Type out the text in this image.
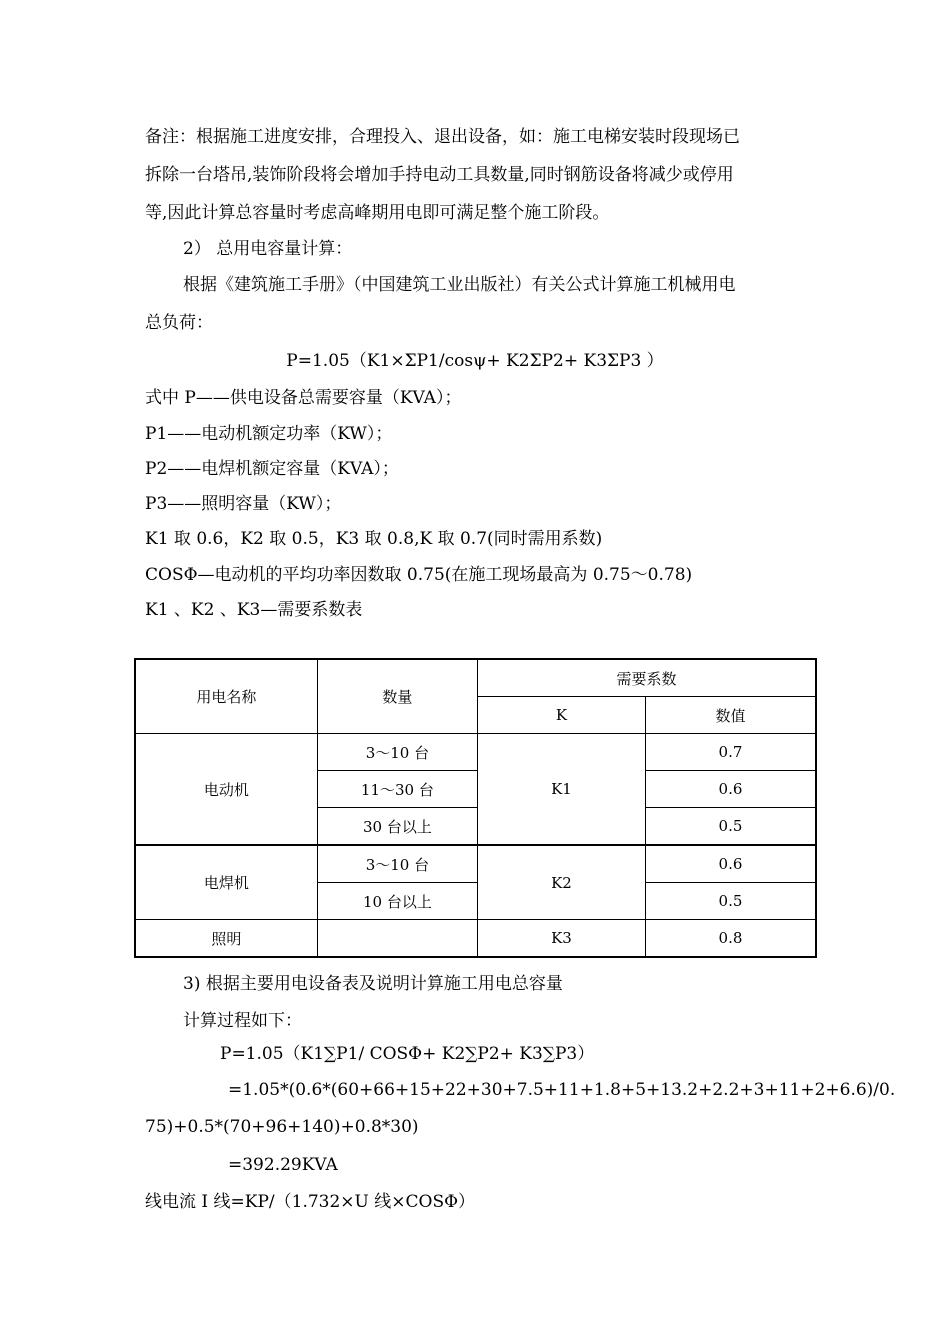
备注：根据施工进度安排，合理投入、退出设备，如：施工电梯安装时段现场已
拆除一台塔吊,装饰阶段将会增加手持电动工具数量,同时钢筋设备将减少或停用
等,因此计算总容量时考虑高峰期用电即可满足整个施工阶段。
2） 总用电容量计算：
根据《建筑施工手册》（中国建筑工业出版社）有关公式计算施工机械用电
总负荷：
P=1.05（K1×ΣP1/cosψ+ K2ΣP2+ K3ΣP3 ）
式中 P——供电设备总需要容量（KVA）；
P1——电动机额定功率（KW）；
P2——电焊机额定容量（KVA）；
P3——照明容量（KW）；
K1 取 0.6，K2 取 0.5，K3 取 0.8,K 取 0.7(同时需用系数)
COSΦ—电动机的平均功率因数取 0.75(在施工现场最高为 0.75～0.78)
K1 、K2 、K3—需要系数表
用电名称	数量	需要系数	
		K	数值
电动机	3～10 台	K1	0.7
	11～30 台		0.6
	30 台以上		0.5
电焊机	3～10 台	K2	0.6
	10 台以上		0.5
照明		K3	0.8
3) 根据主要用电设备表及说明计算施工用电总容量
计算过程如下：
P=1.05（K1∑P1/ COSΦ+ K2∑P2+ K3∑P3）
=1.05*(0.6*(60+66+15+22+30+7.5+11+1.8+5+13.2+2.2+3+11+2+6.6)/0.
75)+0.5*(70+96+140)+0.8*30)
=392.29KVA
线电流 I 线=KP/（1.732×U 线×COSΦ）
